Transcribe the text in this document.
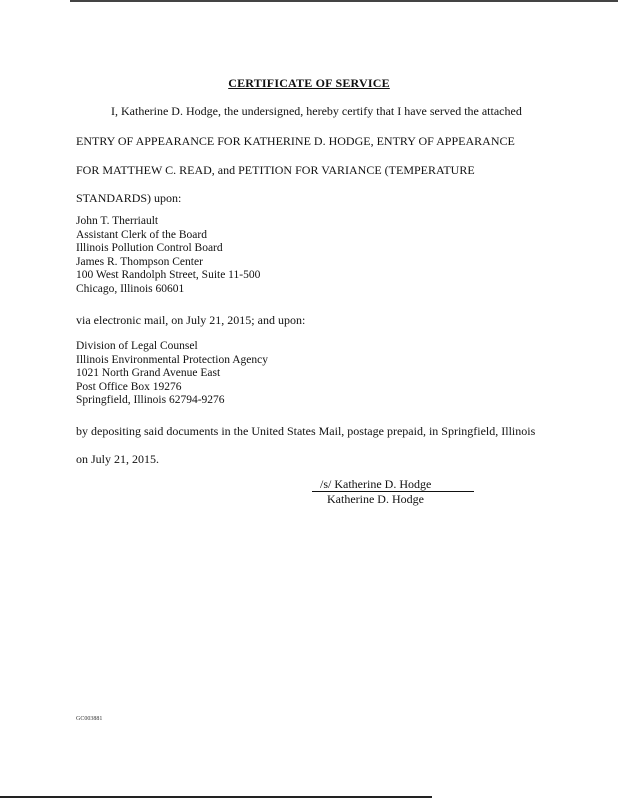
CERTIFICATE OF SERVICE
I, Katherine D. Hodge, the undersigned, hereby certify that I have served the attached
ENTRY OF APPEARANCE FOR KATHERINE D. HODGE, ENTRY OF APPEARANCE
FOR MATTHEW C. READ, and PETITION FOR VARIANCE (TEMPERATURE
STANDARDS) upon:
John T. Therriault
Assistant Clerk of the Board
Illinois Pollution Control Board
James R. Thompson Center
100 West Randolph Street, Suite 11-500
Chicago, Illinois 60601
via electronic mail, on July 21, 2015; and upon:
Division of Legal Counsel
Illinois Environmental Protection Agency
1021 North Grand Avenue East
Post Office Box 19276
Springfield, Illinois 62794-9276
by depositing said documents in the United States Mail, postage prepaid, in Springfield, Illinois
on July 21, 2015.
/s/ Katherine D. Hodge
Katherine D. Hodge
GC003881
